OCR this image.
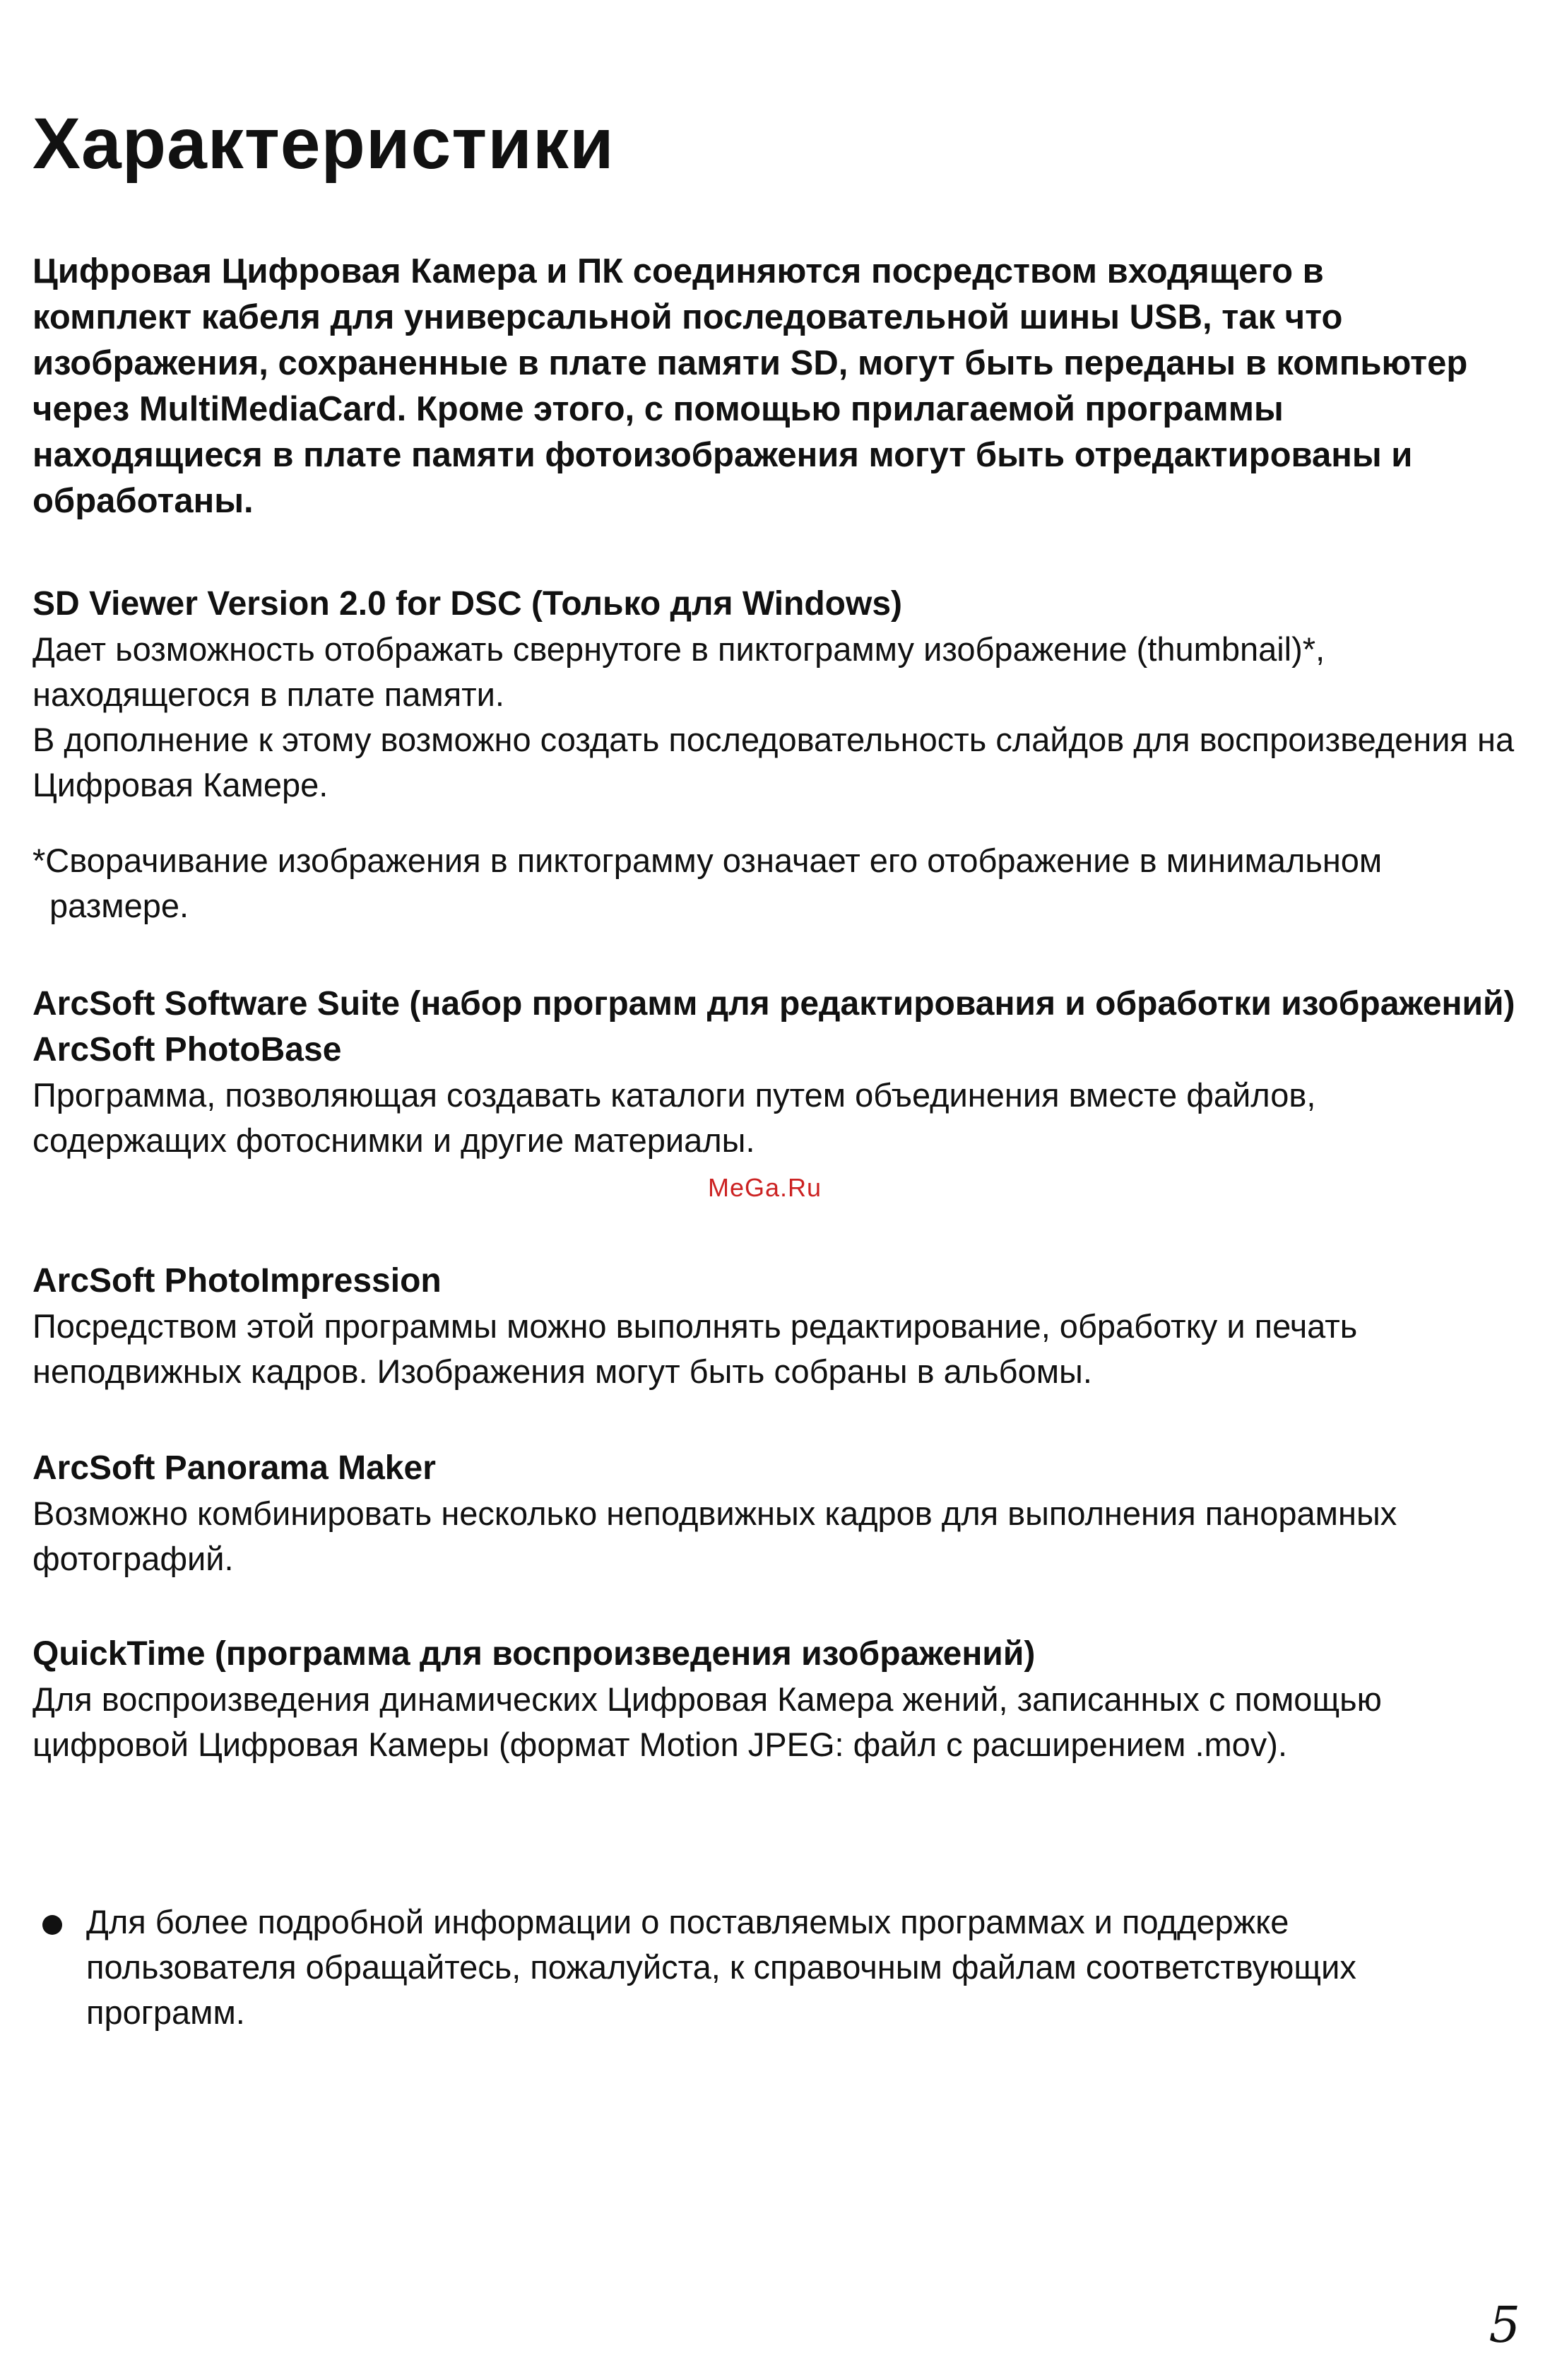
Характеристики

Цифровая Цифровая Камера и ПК соединяются посредством входящего в комплект кабеля для универсальной последовательной шины USB, так что изображения, сохраненные в плате памяти SD, могут быть переданы в компьютер через MultiMediaCard. Кроме этого, с помощью прилагаемой программы находящиеся в плате памяти фотоизображения могут быть отредактированы и обработаны.

SD Viewer Version 2.0 for DSC (Только для Windows)

Дает ьозможность отображать свернутоге в пиктограмму изображение (thumbnail)*, находящегося в плате памяти.

В дополнение к этому возможно создать последовательность слайдов для воспроизведения на Цифровая Камере.

*Сворачивание изображения в пиктограмму означает его отображение в минимальном размере.

ArcSoft Software Suite (набор программ для редактирования и обработки изображений)
ArcSoft PhotoBase

Программа, позволяющая создавать каталоги путем объединения вместе файлов, содержащих фотоснимки и другие материалы.

MeGa.Ru
ArcSoft PhotoImpression

Посредством этой программы можно выполнять редактирование, обработку и печать неподвижных кадров. Изображения могут быть собраны в альбомы.

ArcSoft Panorama Maker

Возможно комбинировать несколько неподвижных кадров для выполнения панорамных фотографий.

QuickTime (программа для воспроизведения изображений)

Для воспроизведения динамических Цифровая Камера жений, записанных с помощью цифровой Цифровая Камеры (формат Motion JPEG: файл с расширением .mov).

Для более подробной информации о поставляемых программах и поддержке пользователя обращайтесь, пожалуйста, к справочным файлам соответствующих программ.

5
